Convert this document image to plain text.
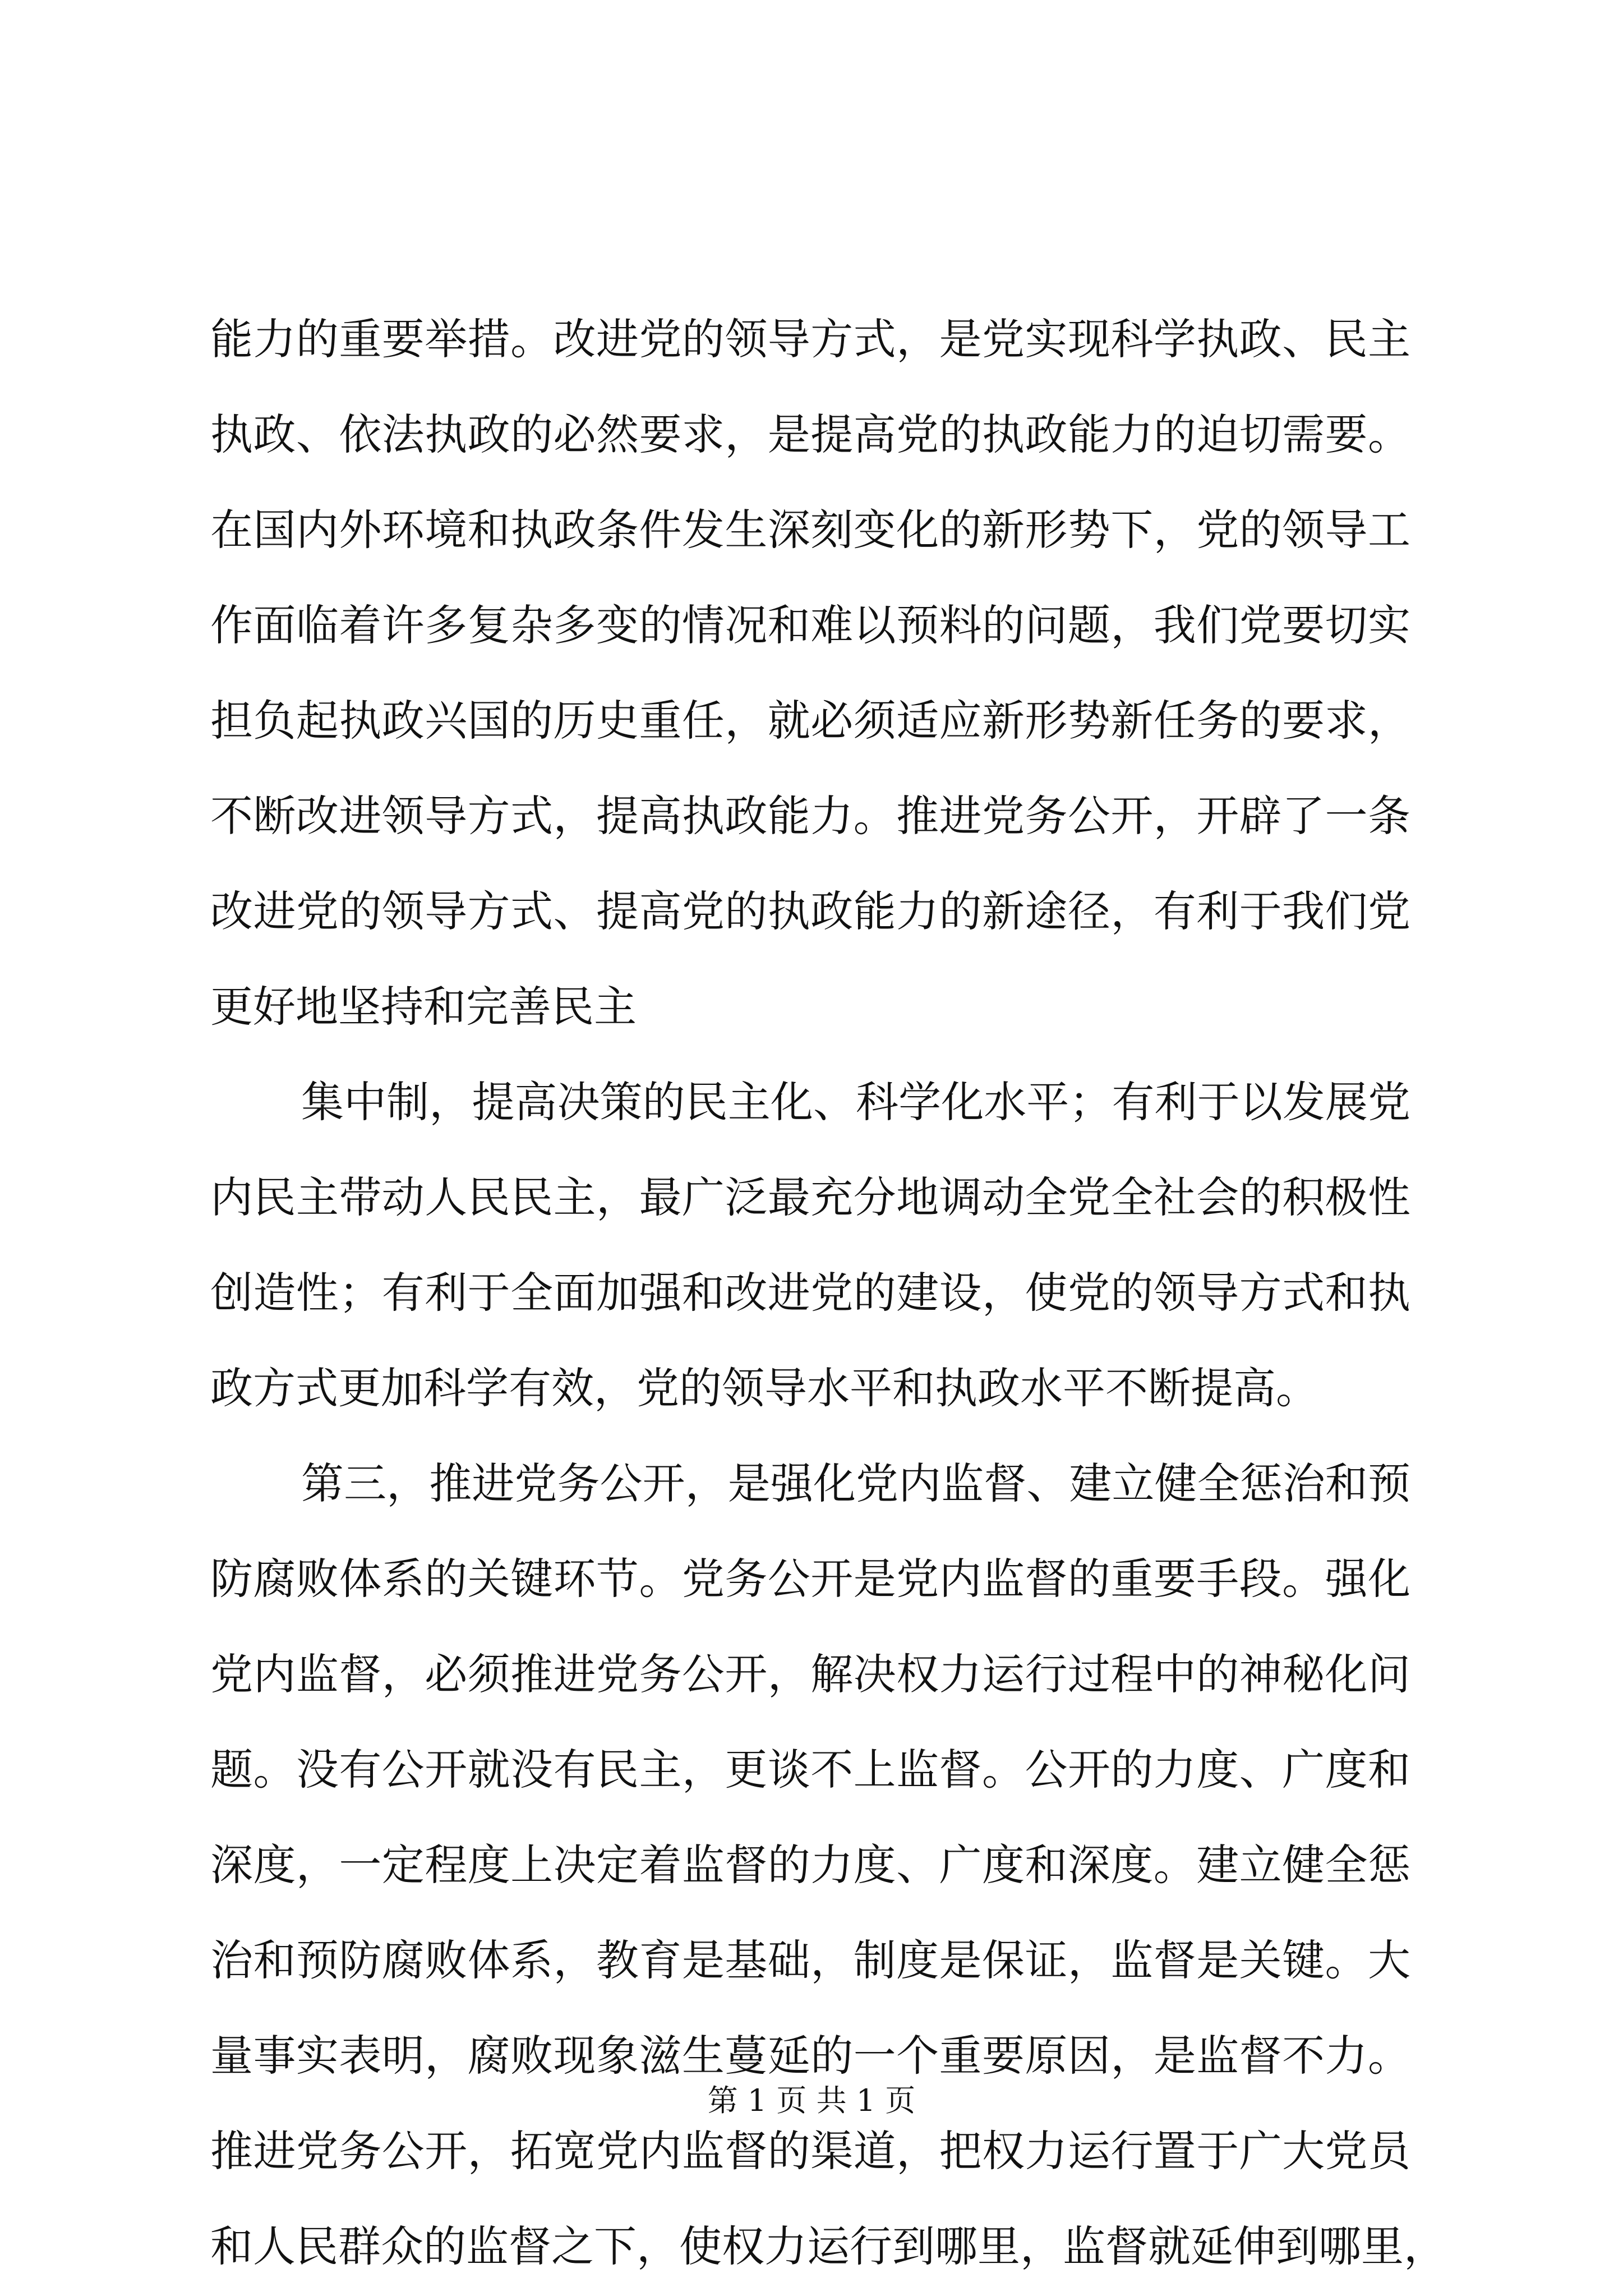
能力的重要举措。改进党的领导方式，是党实现科学执政、民主
执政、依法执政的必然要求，是提高党的执政能力的迫切需要。
在国内外环境和执政条件发生深刻变化的新形势下，党的领导工
作面临着许多复杂多变的情况和难以预料的问题，我们党要切实
担负起执政兴国的历史重任，就必须适应新形势新任务的要求，
不断改进领导方式，提高执政能力。推进党务公开，开辟了一条
改进党的领导方式、提高党的执政能力的新途径，有利于我们党
更好地坚持和完善民主
集中制，提高决策的民主化、科学化水平；有利于以发展党
内民主带动人民民主，最广泛最充分地调动全党全社会的积极性
创造性；有利于全面加强和改进党的建设，使党的领导方式和执
政方式更加科学有效，党的领导水平和执政水平不断提高。
第三，推进党务公开，是强化党内监督、建立健全惩治和预
防腐败体系的关键环节。党务公开是党内监督的重要手段。强化
党内监督，必须推进党务公开，解决权力运行过程中的神秘化问
题。没有公开就没有民主，更谈不上监督。公开的力度、广度和
深度，一定程度上决定着监督的力度、广度和深度。建立健全惩
治和预防腐败体系，教育是基础，制度是保证，监督是关键。大
量事实表明，腐败现象滋生蔓延的一个重要原因，是监督不力。
推进党务公开，拓宽党内监督的渠道，把权力运行置于广大党员
和人民群众的监督之下，使权力运行到哪里，监督就延伸到哪里，
第 1 页 共 1 页
